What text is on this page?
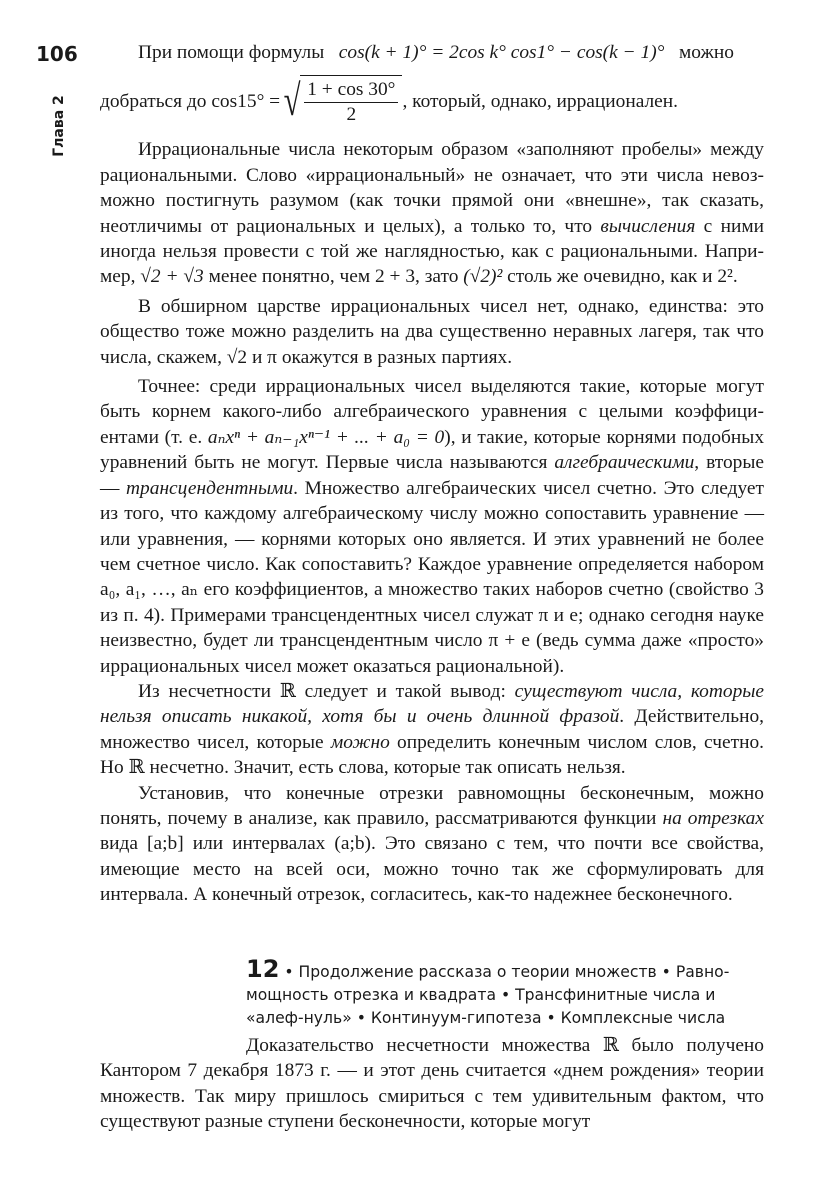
106
Глава 2

При помощи формулы cos(k + 1)° = 2cos k° cos1° − cos(k − 1)° можно

добраться до cos15° = √ $\frac{1 + \cos 30^\circ}{2}$ , который, однако, иррационален.

Иррациональные числа некоторым образом «заполняют пробелы» между рациональными. Слово «иррациональный» не означает, что эти числа невозможно постигнуть разумом (как точки прямой они «внешне», так сказать, неотличимы от рациональных и целых), а только то, что вычисления с ними иногда нельзя провести с той же наглядностью, как с рациональными. Например, √2 + √3 менее понятно, чем 2 + 3, зато (√2)² столь же очевидно, как и 2².

В обширном царстве иррациональных чисел нет, однако, единства: это общество тоже можно разделить на два существенно неравных лагеря, так что числа, скажем, √2 и π окажутся в разных партиях.

Точнее: среди иррациональных чисел выделяются такие, которые могут быть корнем какого-либо алгебраического уравнения с целыми коэффициентами (т. е. aₙxⁿ + aₙ₋₁xⁿ⁻¹ + ... + a₀ = 0), и такие, которые корнями подобных уравнений быть не могут. Первые числа называются алгебраическими, вторые — трансцендентными. Множество алгебраических чисел счетно. Это следует из того, что каждому алгебраическому числу можно сопоставить уравнение — или уравнения, — корнями которых оно является. И этих уравнений не более чем счетное число. Как сопоставить? Каждое уравнение определяется набором a₀, a₁, …, aₙ его коэффициентов, а множество таких наборов счетно (свойство 3 из п. 4). Примерами трансцендентных чисел служат π и e; однако сегодня науке неизвестно, будет ли трансцендентным число π + e (ведь сумма даже «просто» иррациональных чисел может оказаться рациональной).

Из несчетности ℝ следует и такой вывод: существуют числа, которые нельзя описать никакой, хотя бы и очень длинной фразой. Действительно, множество чисел, которые можно определить конечным числом слов, счетно. Но ℝ несчетно. Значит, есть слова, которые так описать нельзя.

Установив, что конечные отрезки равномощны бесконечным, можно понять, почему в анализе, как правило, рассматриваются функции на отрезках вида [a;b] или интервалах (a;b). Это связано с тем, что почти все свойства, имеющие место на всей оси, можно точно так же сформулировать для интервала. А конечный отрезок, согласитесь, как-то надежнее бесконечного.

12 • Продолжение рассказа о теории множеств • Равномощность отрезка и квадрата • Трансфинитные числа и «алеф-нуль» • Континуум-гипотеза • Комплексные числа

Доказательство несчетности множества ℝ было получено Кантором 7 декабря 1873 г. — и этот день считается «днем рождения» теории множеств. Так миру пришлось смириться с тем удивительным фактом, что существуют разные ступени бесконечности, которые могут
